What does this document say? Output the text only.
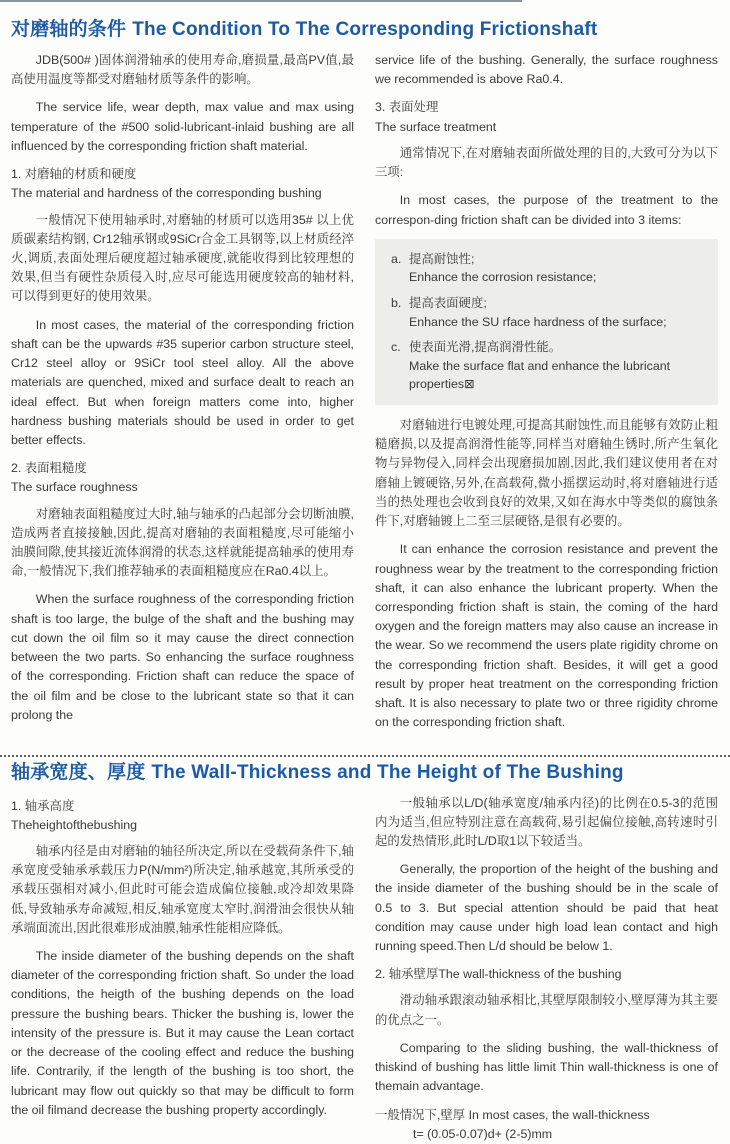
对磨轴的条件 The Condition To The Corresponding Frictionshaft

JDB(500# )固体润滑轴承的使用寿命,磨损量,最高PV值,最高使用温度等都受对磨轴材质等条件的影响。

The service life, wear depth, max value and max using temperature of the #500 solid-lubricant-inlaid bushing are all influenced by the corresponding friction shaft material.

1. 对磨轴的材质和硬度

The material and hardness of the corresponding bushing

一般情况下使用轴承时,对磨轴的材质可以选用35# 以上优质碳素结构钢, Cr12轴承钢或9SiCr合金工具钢等,以上材质经淬火,调质,表面处理后硬度超过轴承硬度,就能收得到比较理想的效果,但当有硬性杂质侵入时,应尽可能选用硬度较高的轴材料,可以得到更好的使用效果。

In most cases, the material of the corresponding friction shaft can be the upwards #35 superior carbon structure steel, Cr12 steel alloy or 9SiCr tool steel alloy. All the above materials are quenched, mixed and surface dealt to reach an ideal effect. But when foreign matters come into, higher hardness bushing materials should be used in order to get better effects.

2. 表面粗糙度

The surface roughness

对磨轴表面粗糙度过大时,轴与轴承的凸起部分会切断油膜,造成两者直接接触,因此,提高对磨轴的表面粗糙度,尽可能缩小油膜间隙,使其接近流体润滑的状态,这样就能提高轴承的使用寿命,一般情况下,我们推荐轴承的表面粗糙度应在Ra0.4以上。

When the surface roughness of the corresponding friction shaft is too large, the bulge of the shaft and the bushing may cut down the oil film so it may cause the direct connection between the two parts. So enhancing the surface roughness of the corresponding. Friction shaft can reduce the space of the oil film and be close to the lubricant state so that it can prolong the

service life of the bushing. Generally, the surface roughness we recommended is above Ra0.4.

3. 表面处理

The surface treatment

通常情况下,在对磨轴表面所做处理的目的,大致可分为以下三项:

In most cases, the purpose of the treatment to the correspon-ding friction shaft can be divided into 3 items:

a. 提高耐蚀性;
Enhance the corrosion resistance;
b. 提高表面硬度;
Enhance the SU rface hardness of the surface;
c. 使表面光滑,提高润滑性能。
Make the surface flat and enhance the lubricant properties⊠

对磨轴进行电镀处理,可提高其耐蚀性,而且能够有效防止粗糙磨损,以及提高润滑性能等,同样当对磨轴生锈时,所产生氧化物与异物侵入,同样会出现磨损加剧,因此,我们建议使用者在对磨轴上镀硬铬,另外,在高载荷,微小摇摆运动时,将对磨轴进行适当的热处理也会收到良好的效果,又如在海水中等类似的腐蚀条件下,对磨轴镀上二至三层硬铬,是很有必要的。

It can enhance the corrosion resistance and prevent the roughness wear by the treatment to the corresponding friction shaft, it can also enhance the lubricant property. When the corresponding friction shaft is stain, the coming of the hard oxygen and the foreign matters may also cause an increase in the wear. So we recommend the users plate rigidity chrome on the corresponding friction shaft. Besides, it will get a good result by proper heat treatment on the corresponding friction shaft. It is also necessary to plate two or three rigidity chrome on the corresponding friction shaft.

轴承宽度、厚度 The Wall-Thickness and The Height of The Bushing

1. 轴承高度

Theheightofthebushing

轴承内径是由对磨轴的轴径所决定,所以在受载荷条件下,轴承宽度受轴承承载压力P(N/mm²)所决定,轴承越宽,其所承受的承载压强相对减小,但此时可能会造成偏位接触,或冷却效果降低,导致轴承寿命减短,相反,轴承宽度太窄时,润滑油会很快从轴承端面流出,因此很难形成油膜,轴承性能相应降低。

The inside diameter of the bushing depends on the shaft diameter of the corresponding friction shaft. So under the load conditions, the heigth of the bushing depends on the load pressure the bushing bears. Thicker the bushing is, lower the intensity of the pressure is. But it may cause the Lean cortact or the decrease of the cooling effect and reduce the bushing life. Contrarily, if the length of the bushing is too short, the lubricant may flow out quickly so that may be difficult to form the oil filmand decrease the bushing property accordingly.

一般轴承以L/D(轴承宽度/轴承内径)的比例在0.5-3的范围内为适当,但应特别注意在高载荷,易引起偏位接触,高转速时引起的发热情形,此时L/D取1以下较适当。

Generally, the proportion of the height of the bushing and the inside diameter of the bushing should be in the scale of 0.5 to 3. But special attention should be paid that heat condition may cause under high load lean contact and high running speed.Then L/d should be below 1.

2. 轴承壁厚The wall-thickness of the bushing

滑动轴承跟滚动轴承相比,其壁厚限制较小,壁厚薄为其主要的优点之一。

Comparing to the sliding bushing, the wall-thickness of thiskind of bushing has little limit Thin wall-thickness is one of themain advantage.

一般情况下,壁厚 In most cases, the wall-thickness

t= (0.05-0.07)d+ (2-5)mm
